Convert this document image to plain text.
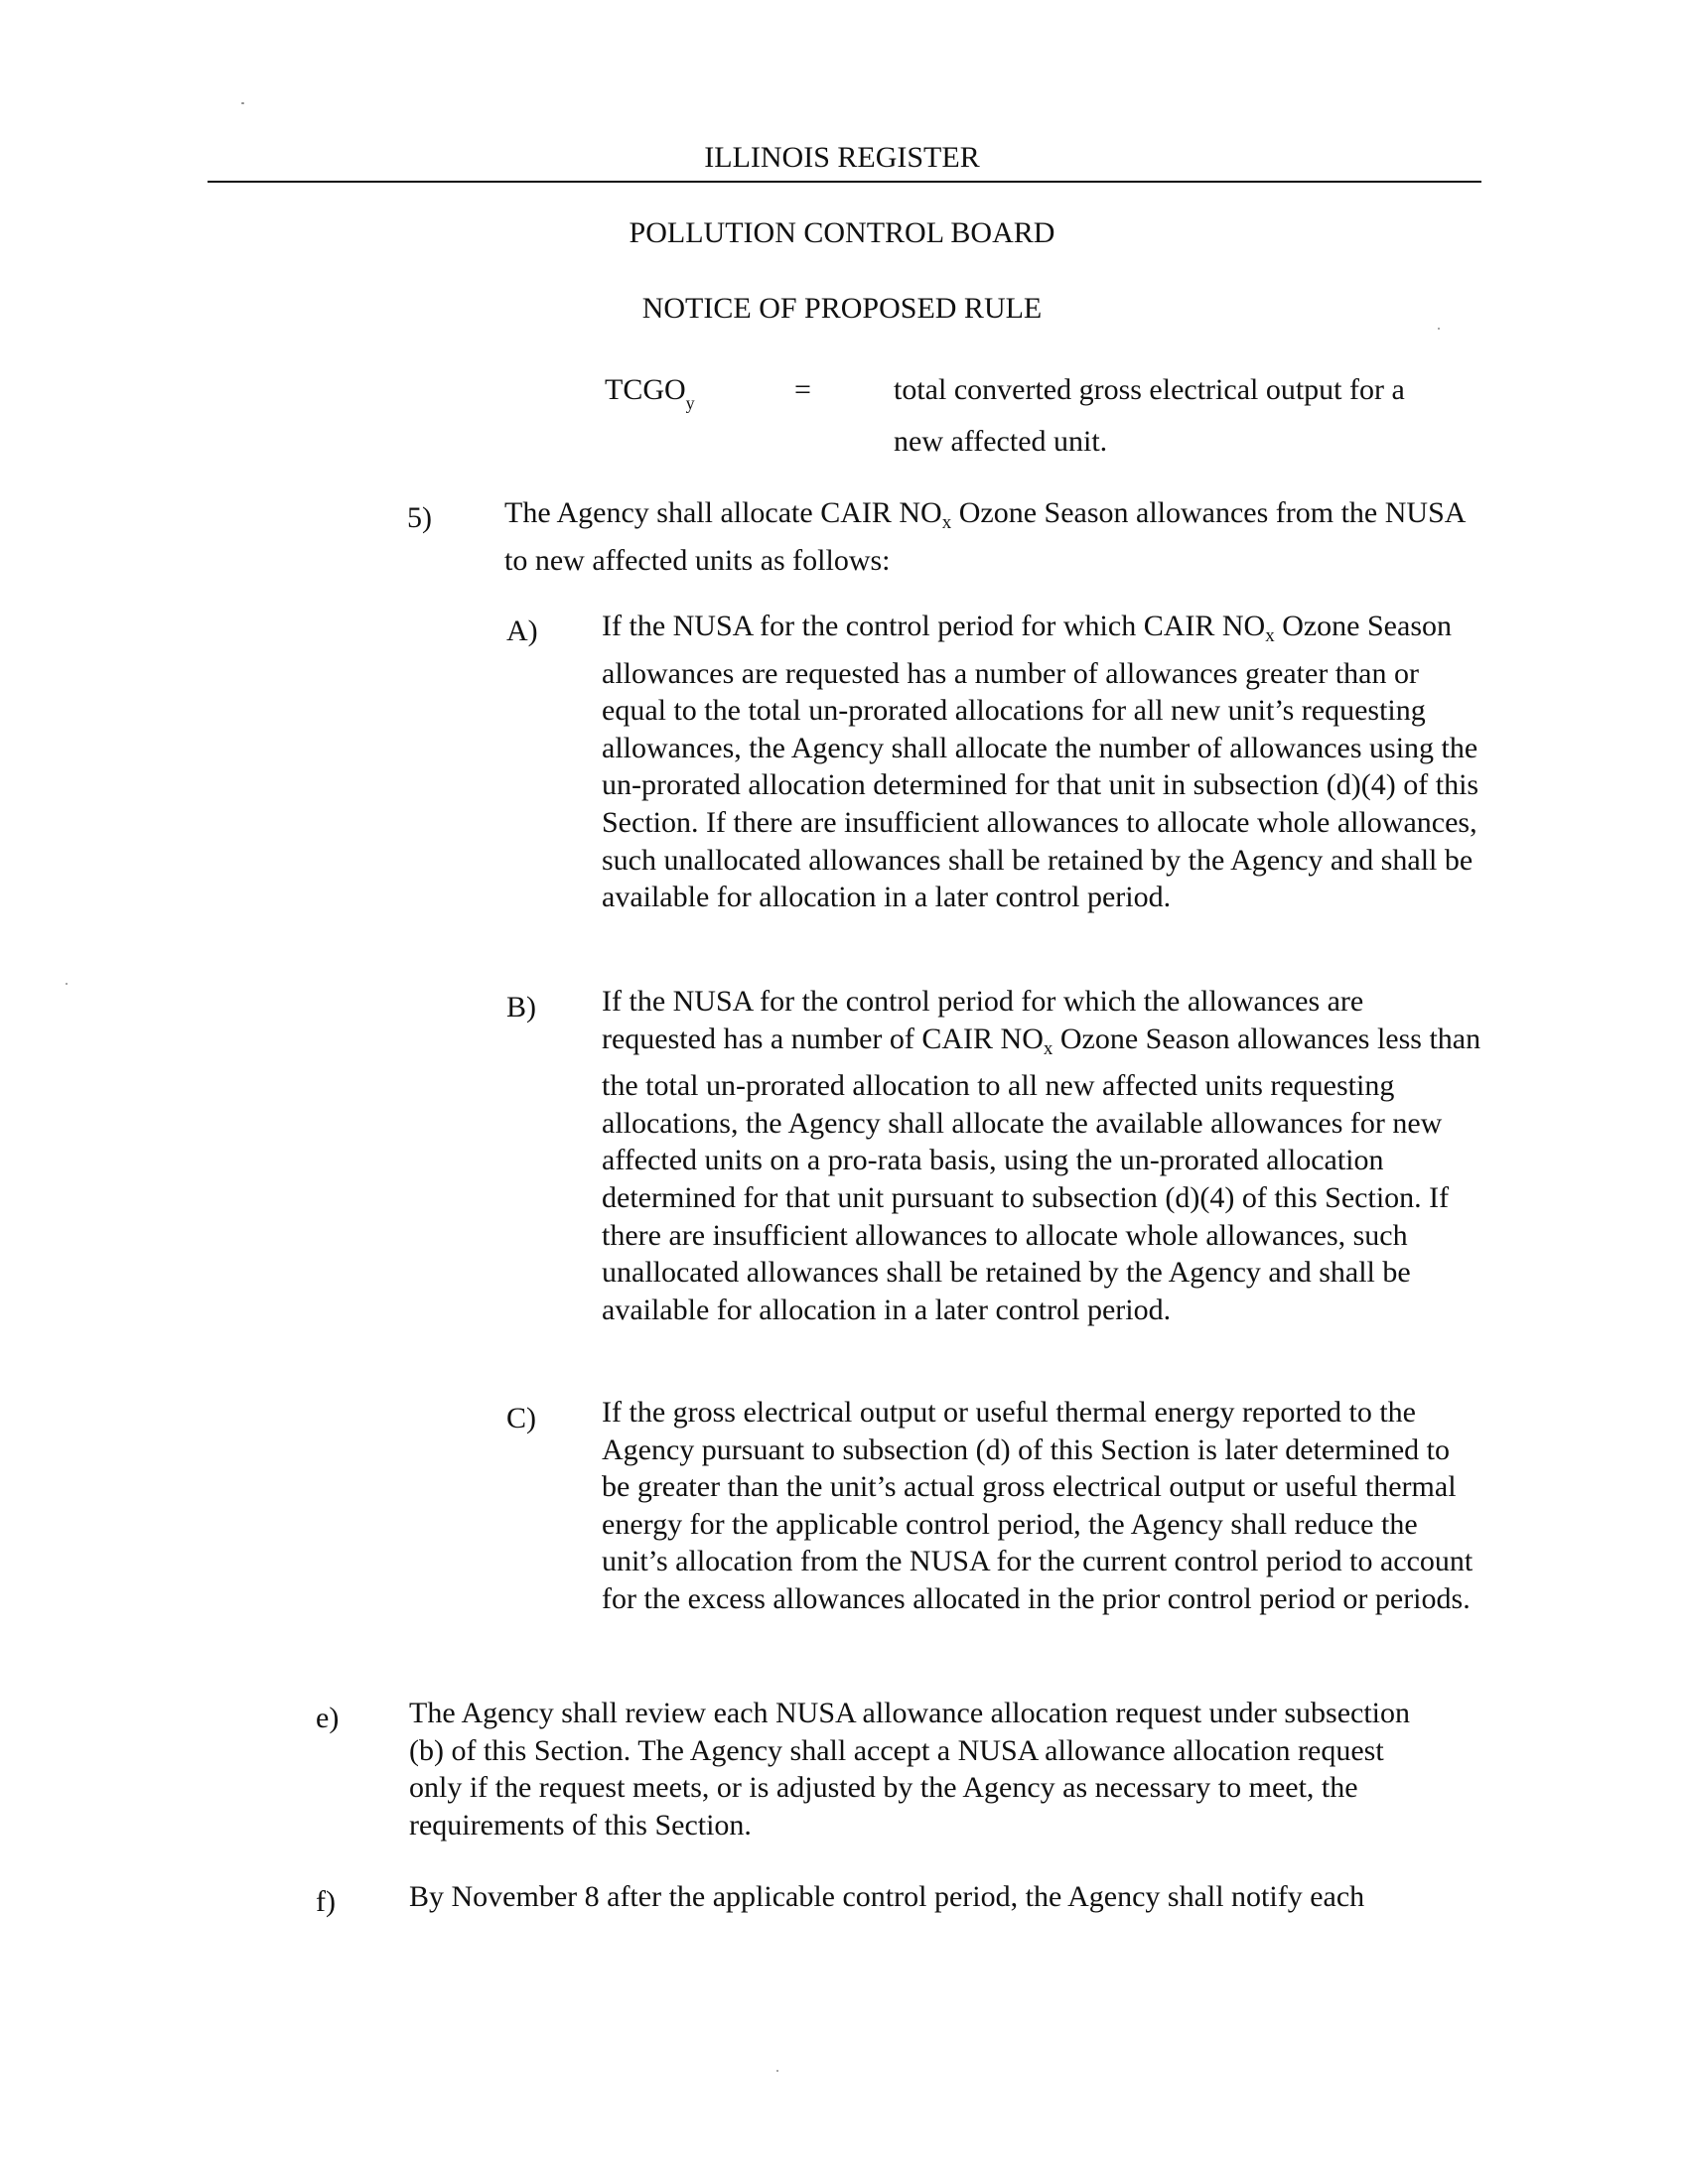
ILLINOIS REGISTER
POLLUTION CONTROL BOARD
NOTICE OF PROPOSED RULE
$TCGO_y$	=	total converted gross electrical output for a
new affected unit.
5) The Agency shall allocate CAIR $NO_x$ Ozone Season allowances from the NUSA to new affected units as follows:
A) If the NUSA for the control period for which CAIR $NO_x$ Ozone Season allowances are requested has a number of allowances greater than or equal to the total un-prorated allocations for all new unit’s requesting allowances, the Agency shall allocate the number of allowances using the un-prorated allocation determined for that unit in subsection (d)(4) of this Section. If there are insufficient allowances to allocate whole allowances, such unallocated allowances shall be retained by the Agency and shall be available for allocation in a later control period.
B) If the NUSA for the control period for which the allowances are requested has a number of CAIR $NO_x$ Ozone Season allowances less than the total un-prorated allocation to all new affected units requesting allocations, the Agency shall allocate the available allowances for new affected units on a pro-rata basis, using the un-prorated allocation determined for that unit pursuant to subsection (d)(4) of this Section. If there are insufficient allowances to allocate whole allowances, such unallocated allowances shall be retained by the Agency and shall be available for allocation in a later control period.
C) If the gross electrical output or useful thermal energy reported to the Agency pursuant to subsection (d) of this Section is later determined to be greater than the unit’s actual gross electrical output or useful thermal energy for the applicable control period, the Agency shall reduce the unit’s allocation from the NUSA for the current control period to account for the excess allowances allocated in the prior control period or periods.
e) The Agency shall review each NUSA allowance allocation request under subsection (b) of this Section. The Agency shall accept a NUSA allowance allocation request only if the request meets, or is adjusted by the Agency as necessary to meet, the requirements of this Section.
f) By November 8 after the applicable control period, the Agency shall notify each
